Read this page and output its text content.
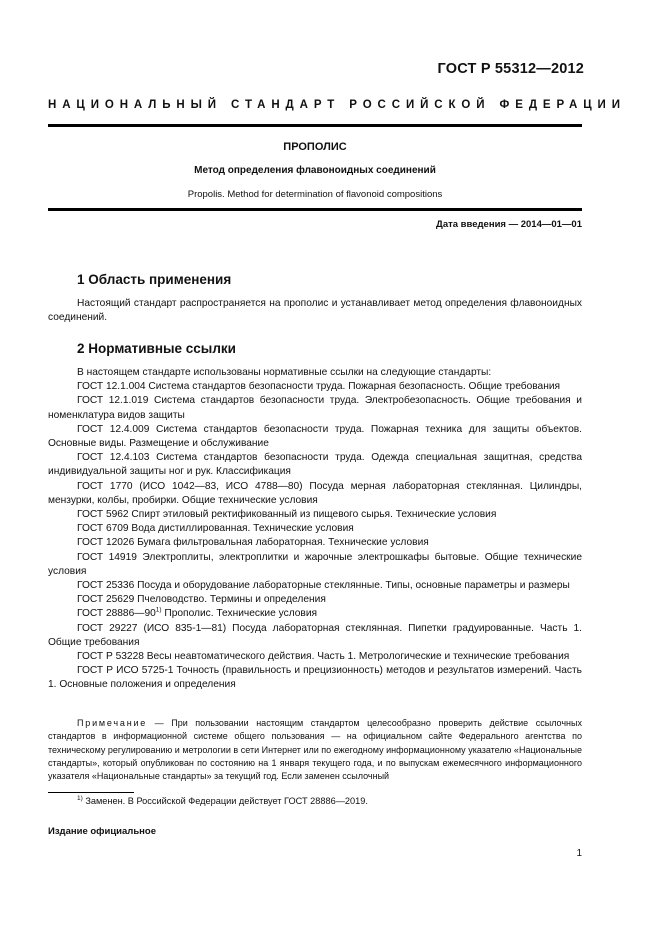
ГОСТ Р 55312—2012
НАЦИОНАЛЬНЫЙ СТАНДАРТ РОССИЙСКОЙ ФЕДЕРАЦИИ
ПРОПОЛИС
Метод определения флавоноидных соединений
Propolis. Method for determination of flavonoid compositions
Дата введения — 2014—01—01
1 Область применения
Настоящий стандарт распространяется на прополис и устанавливает метод определения флавоноидных соединений.
2 Нормативные ссылки

В настоящем стандарте использованы нормативные ссылки на следующие стандарты:

ГОСТ 12.1.004 Система стандартов безопасности труда. Пожарная безопасность. Общие требования

ГОСТ 12.1.019 Система стандартов безопасности труда. Электробезопасность. Общие требования и номенклатура видов защиты

ГОСТ 12.4.009 Система стандартов безопасности труда. Пожарная техника для защиты объектов. Основные виды. Размещение и обслуживание

ГОСТ 12.4.103 Система стандартов безопасности труда. Одежда специальная защитная, средства индивидуальной защиты ног и рук. Классификация

ГОСТ 1770 (ИСО 1042—83, ИСО 4788—80) Посуда мерная лабораторная стеклянная. Цилиндры, мензурки, колбы, пробирки. Общие технические условия

ГОСТ 5962 Спирт этиловый ректификованный из пищевого сырья. Технические условия

ГОСТ 6709 Вода дистиллированная. Технические условия

ГОСТ 12026 Бумага фильтровальная лабораторная. Технические условия

ГОСТ 14919 Электроплиты, электроплитки и жарочные электрошкафы бытовые. Общие технические условия

ГОСТ 25336 Посуда и оборудование лабораторные стеклянные. Типы, основные параметры и размеры

ГОСТ 25629 Пчеловодство. Термины и определения

ГОСТ 28886—90$^{1)}$ Прополис. Технические условия

ГОСТ 29227 (ИСО 835-1—81) Посуда лабораторная стеклянная. Пипетки градуированные. Часть 1. Общие требования

ГОСТ Р 53228 Весы неавтоматического действия. Часть 1. Метрологические и технические требования

ГОСТ Р ИСО 5725-1 Точность (правильность и прецизионность) методов и результатов измерений. Часть 1. Основные положения и определения

Примечание — При пользовании настоящим стандартом целесообразно проверить действие ссылочных стандартов в информационной системе общего пользования — на официальном сайте Федерального агентства по техническому регулированию и метрологии в сети Интернет или по ежегодному информационному указателю «Национальные стандарты», который опубликован по состоянию на 1 января текущего года, и по выпускам ежемесячного информационного указателя «Национальные стандарты» за текущий год. Если заменен ссылочный
$^{1)}$ Заменен. В Российской Федерации действует ГОСТ 28886—2019.
Издание официальное
1
